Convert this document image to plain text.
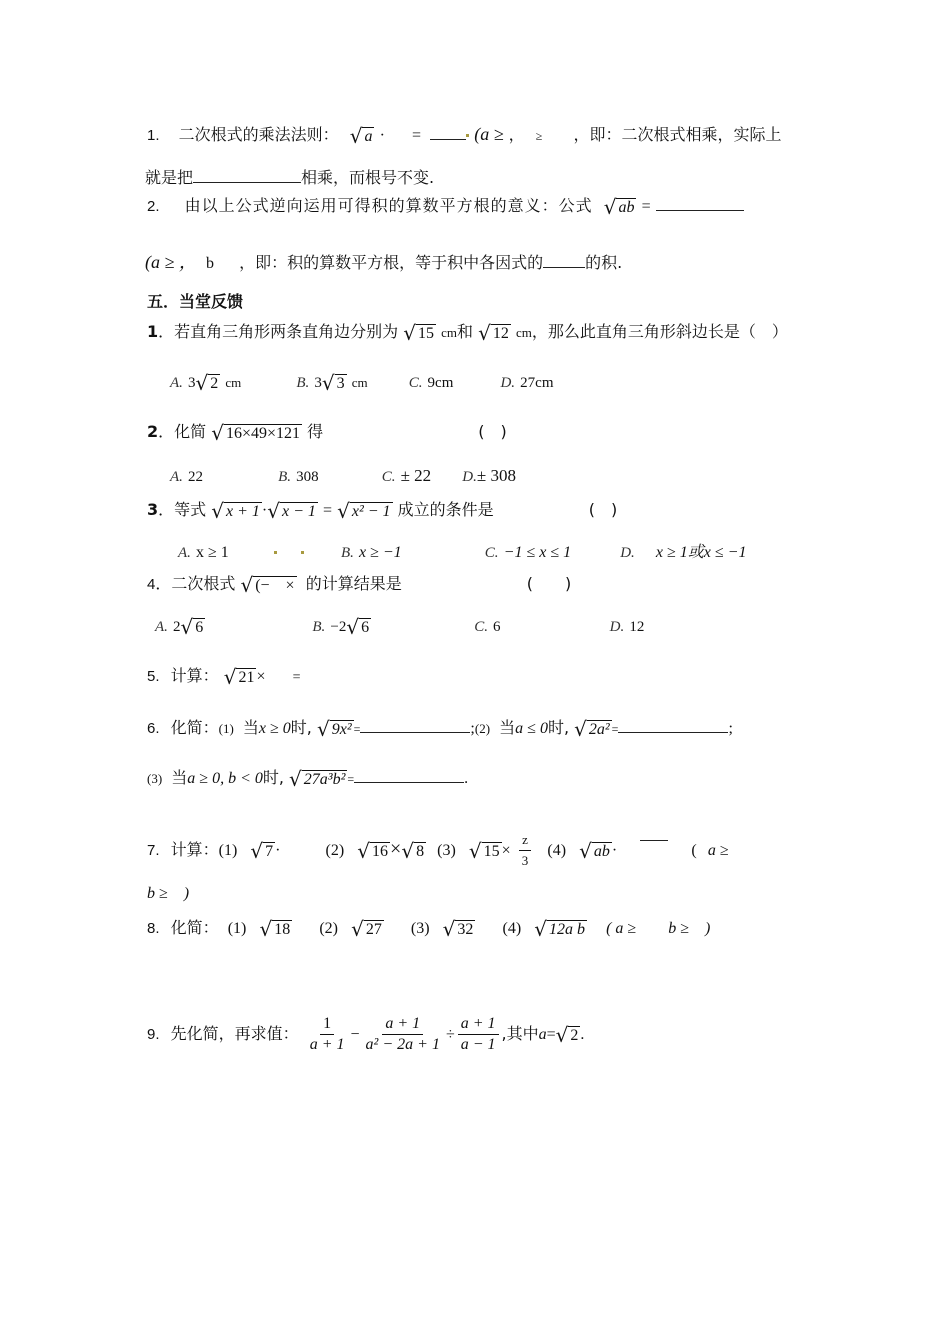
1. 二次根式的乘法法则： √ a · =	(a ≥ ， ≥ ，即：二次根式相乘，实际上
就是把	相乘，而根号不变.
2. 由以上公式逆向运用可得积的算数平方根的意义：公式 √ ab =
(a ≥ ， b ，即：积的算数平方根，等于积中各因式的	的积.
五．当堂反馈
1．若直角三角形两条直角边分别为 √ 15 cm和 √ 12 cm，那么此直角三角形斜边长是（　）
A. 3 √ 2 cm	B. 3 √ 3 cm	C. 9cm	D. 27cm
2．化简 √ 16×49×121 得	(　)
A. 22	B. 308	C. ± 22 D.± 308
3．等式 √ x + 1 · √ x − 1 = √ x² − 1 成立的条件是	(　)
A. x ≥ 1	B. x ≥ −1	C. −1 ≤ x ≤ 1	D. x ≥ 1或x ≤ −1
4．二次根式 √ (−　× 的计算结果是	(　　)
A. 2 √ 6	B. −2 √ 6	C. 6	D. 12
5. 计算： √ 21 × =
6. 化简：(1) 当x ≥ 0时, √ 9x² =	;(2) 当a ≤ 0时, √ 2a² =	;
(3) 当a ≥ 0, b < 0时, √ 27a³b² =	.
7. 计算：(1) √ 7 ·	(2) √ 16 × √ 8 (3) √ $15 \times \frac{z}{3} (4)$ √ ab ·	( a ≥
b ≥　)
8. 化简： (1) √ 18 (2) √ 27 (3) √ 32 (4) √ 12a b ( a ≥　　b ≥　)
9. 先化简，再求值： $\frac{1}{a + 1} - \frac{a + 1}{\text{a² − 2a + 1}} \div \frac{a + 1}{a - 1}$ ,其中a= √ 2 .
